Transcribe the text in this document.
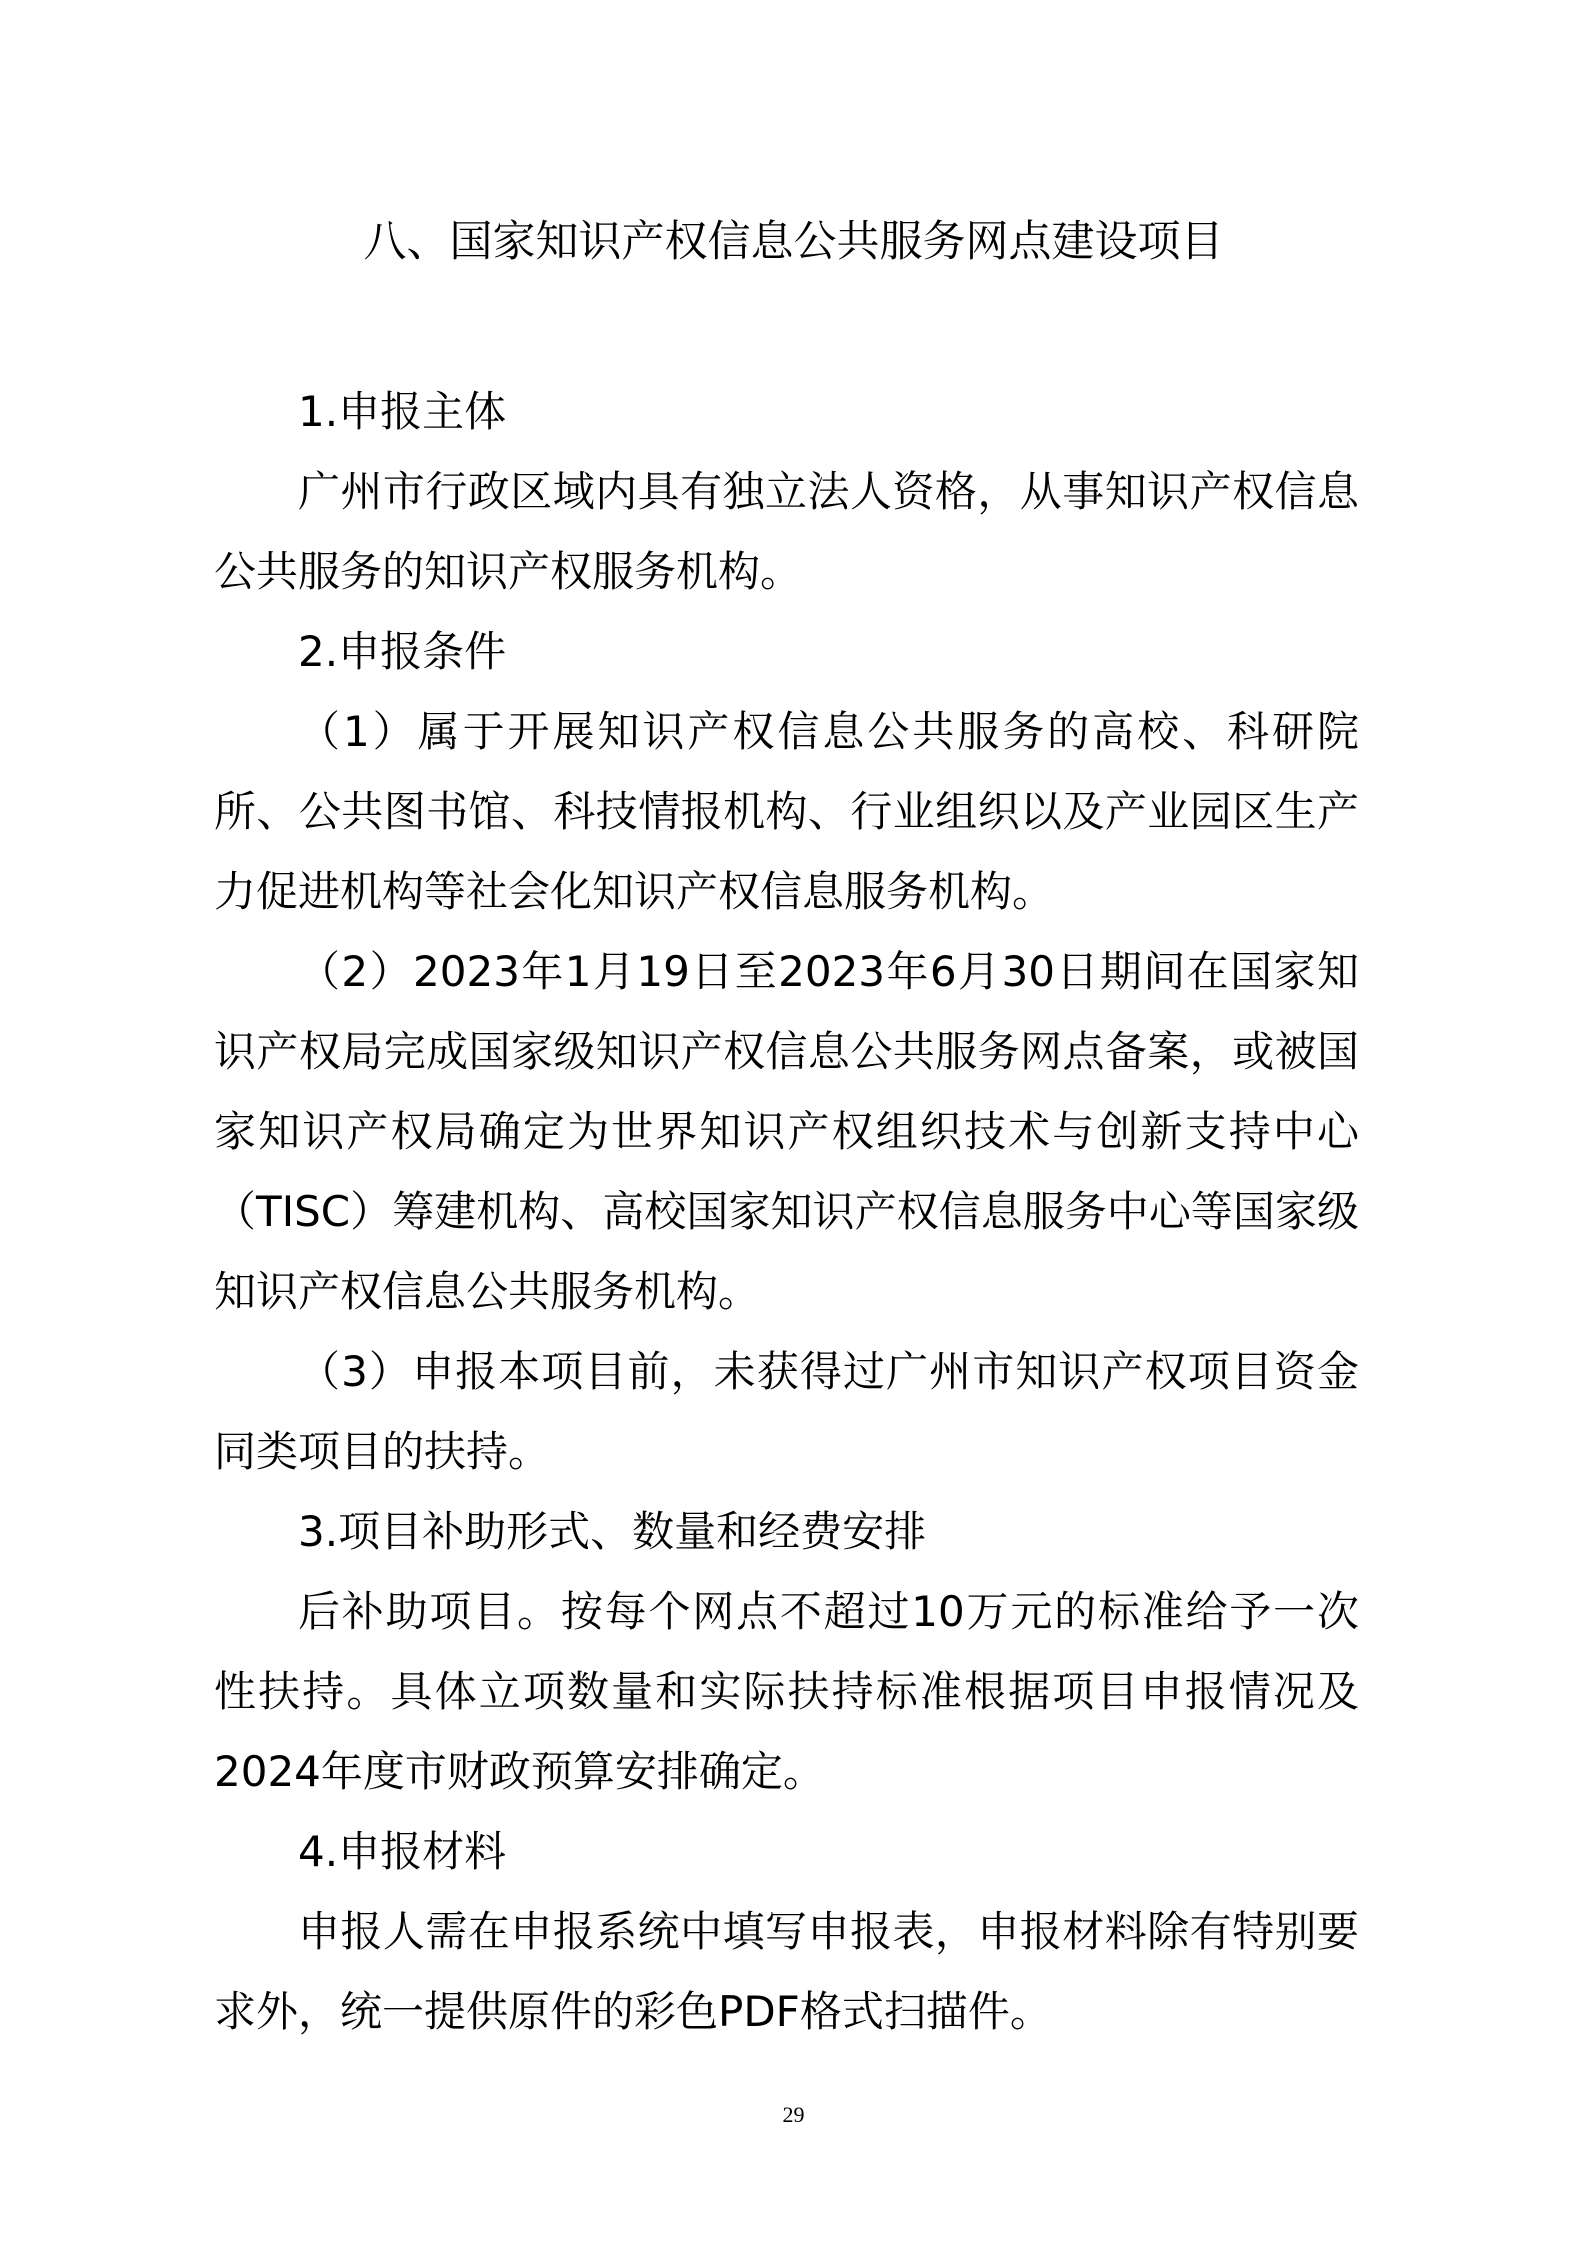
八、国家知识产权信息公共服务网点建设项目

1.申报主体

广州市行政区域内具有独立法人资格，从事知识产权信息公共服务的知识产权服务机构。

2.申报条件

（1）属于开展知识产权信息公共服务的高校、科研院所、公共图书馆、科技情报机构、行业组织以及产业园区生产力促进机构等社会化知识产权信息服务机构。

（2）2023年1月19日至2023年6月30日期间在国家知识产权局完成国家级知识产权信息公共服务网点备案，或被国家知识产权局确定为世界知识产权组织技术与创新支持中心（TISC）筹建机构、高校国家知识产权信息服务中心等国家级知识产权信息公共服务机构。

（3）申报本项目前，未获得过广州市知识产权项目资金同类项目的扶持。

3.项目补助形式、数量和经费安排

后补助项目。按每个网点不超过10万元的标准给予一次性扶持。具体立项数量和实际扶持标准根据项目申报情况及2024年度市财政预算安排确定。

4.申报材料

申报人需在申报系统中填写申报表，申报材料除有特别要求外，统一提供原件的彩色PDF格式扫描件。

29
